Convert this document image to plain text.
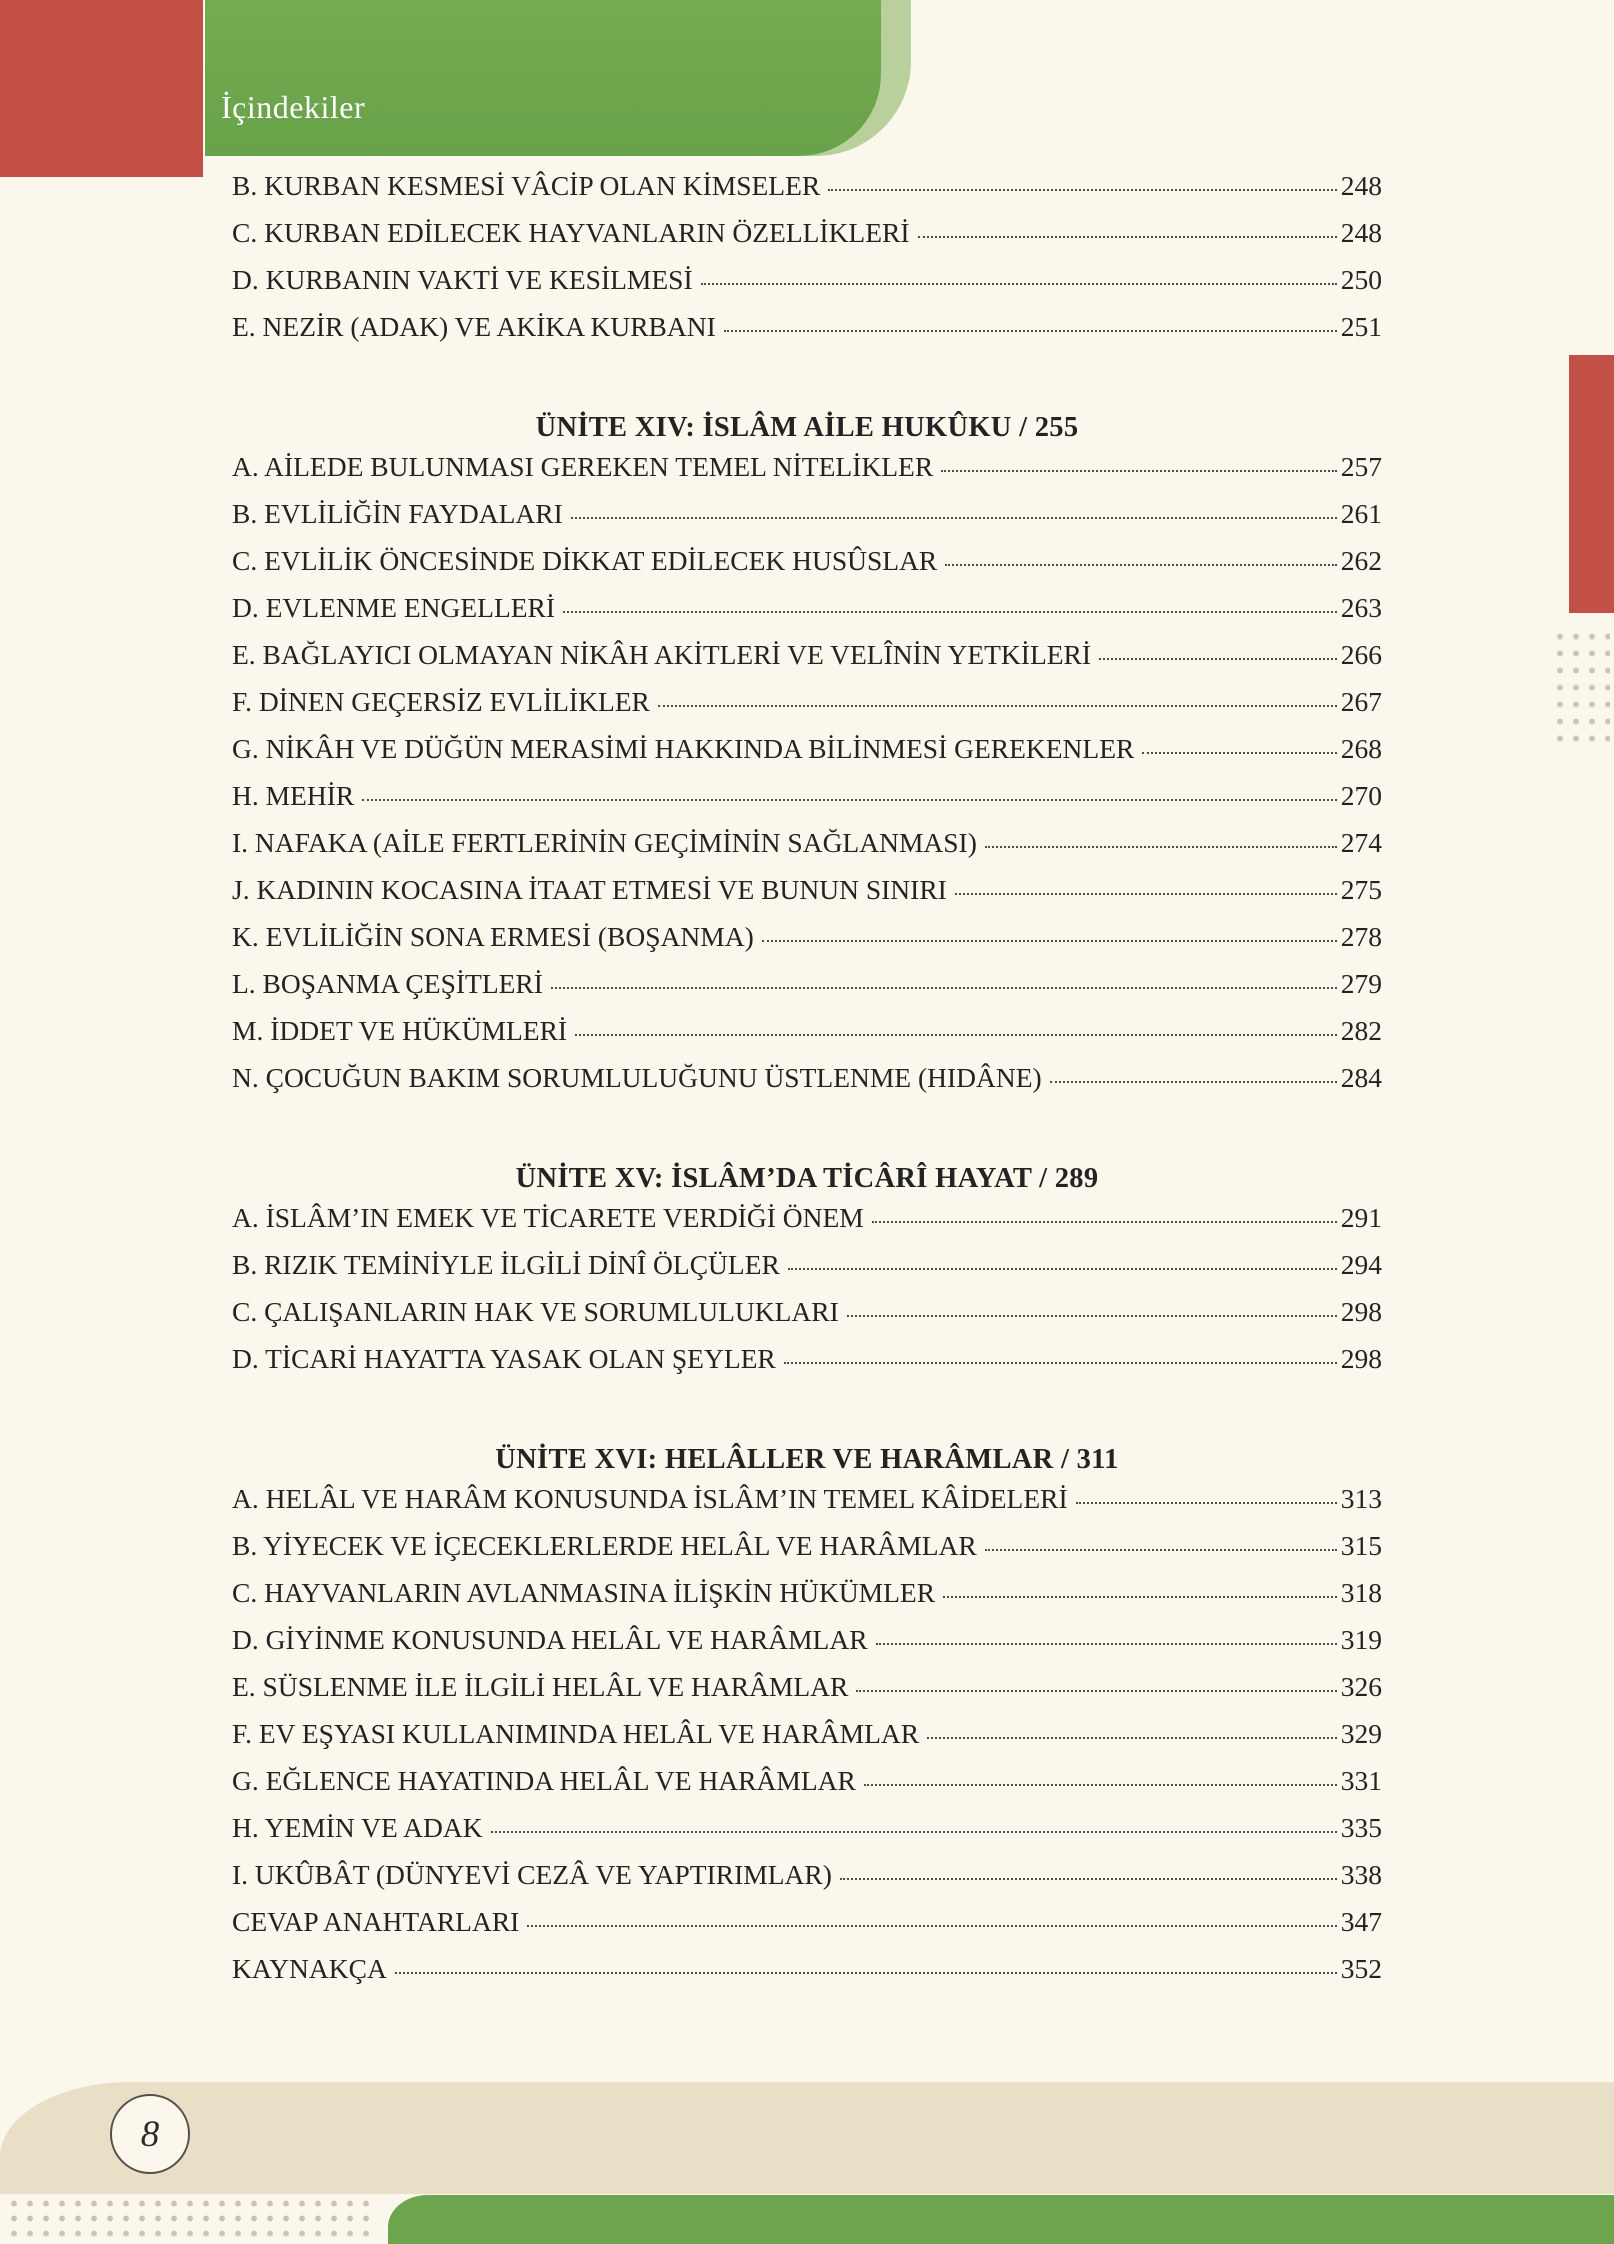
İçindekiler
B. KURBAN KESMESİ VÂCİP OLAN KİMSELER	248
C. KURBAN EDİLECEK HAYVANLARIN ÖZELLİKLERİ	248
D. KURBANIN VAKTİ VE KESİLMESİ	250
E. NEZİR (ADAK) VE AKİKA KURBANI	251
ÜNİTE XIV: İSLÂM AİLE HUKÛKU / 255
A. AİLEDE BULUNMASI GEREKEN TEMEL NİTELİKLER	257
B. EVLİLİĞİN FAYDALARI	261
C. EVLİLİK ÖNCESİNDE DİKKAT EDİLECEK HUSÛSLAR	262
D. EVLENME ENGELLERİ	263
E. BAĞLAYICI OLMAYAN NİKÂH AKİTLERİ VE VELÎNİN YETKİLERİ	266
F. DİNEN GEÇERSİZ EVLİLİKLER	267
G. NİKÂH VE DÜĞÜN MERASİMİ HAKKINDA BİLİNMESİ GEREKENLER	268
H. MEHİR	270
I. NAFAKA (AİLE FERTLERİNİN GEÇİMİNİN SAĞLANMASI)	274
J. KADININ KOCASINA İTAAT ETMESİ VE BUNUN SINIRI	275
K. EVLİLİĞİN SONA ERMESİ (BOŞANMA)	278
L. BOŞANMA ÇEŞİTLERİ	279
M. İDDET VE HÜKÜMLERİ	282
N. ÇOCUĞUN BAKIM SORUMLULUĞUNU ÜSTLENME (HIDÂNE)	284
ÜNİTE XV: İSLÂM’DA TİCÂRÎ HAYAT / 289
A. İSLÂM’IN EMEK VE TİCARETE VERDİĞİ ÖNEM	291
B. RIZIK TEMİNİYLE İLGİLİ DİNÎ ÖLÇÜLER	294
C. ÇALIŞANLARIN HAK VE SORUMLULUKLARI	298
D. TİCARİ HAYATTA YASAK OLAN ŞEYLER	298
ÜNİTE XVI: HELÂLLER VE HARÂMLAR / 311
A. HELÂL VE HARÂM KONUSUNDA İSLÂM’IN TEMEL KÂİDELERİ	313
B. YİYECEK VE İÇECEKLERLERDE HELÂL VE HARÂMLAR	315
C. HAYVANLARIN AVLANMASINA İLİŞKİN HÜKÜMLER	318
D. GİYİNME KONUSUNDA HELÂL VE HARÂMLAR	319
E. SÜSLENME İLE İLGİLİ HELÂL VE HARÂMLAR	326
F. EV EŞYASI KULLANIMINDA HELÂL VE HARÂMLAR	329
G. EĞLENCE HAYATINDA HELÂL VE HARÂMLAR	331
H. YEMİN VE ADAK	335
I. UKÛBÂT (DÜNYEVİ CEZÂ VE YAPTIRIMLAR)	338
CEVAP ANAHTARLARI	347
KAYNAKÇA	352
8
